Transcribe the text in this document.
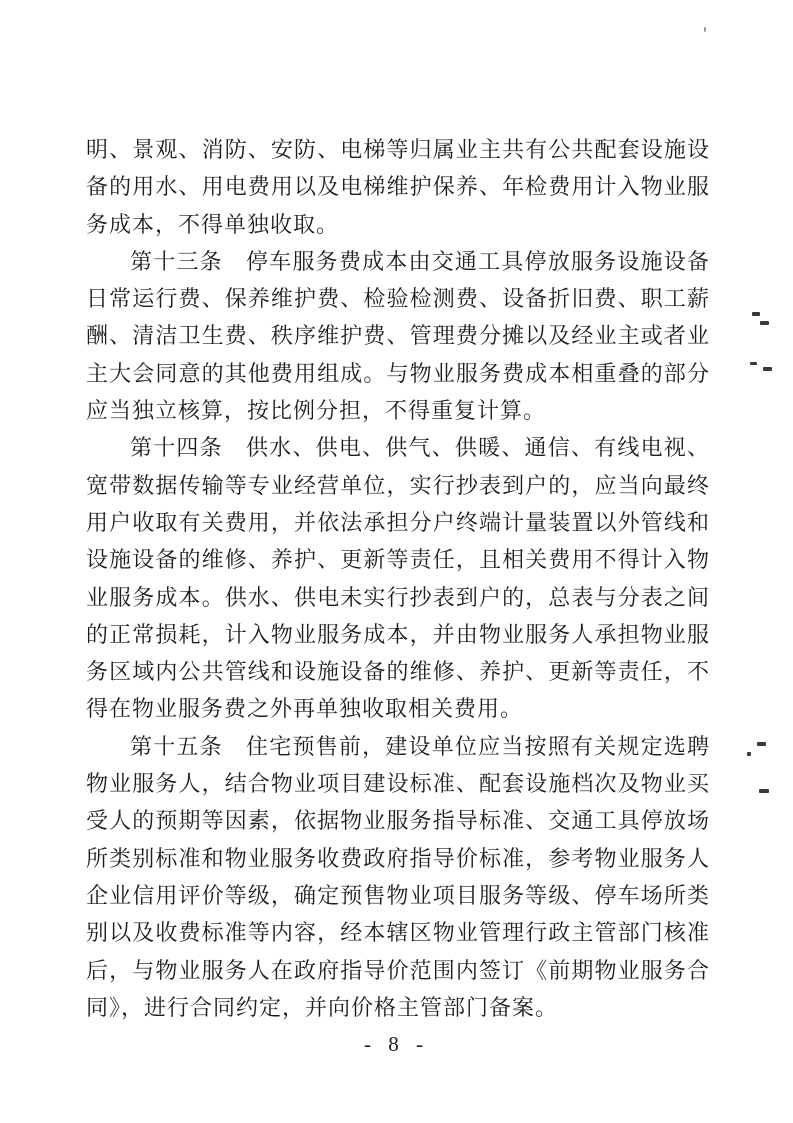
明、景观、消防、安防、电梯等归属业主共有公共配套设施设备的用水、用电费用以及电梯维护保养、年检费用计入物业服务成本，不得单独收取。

第十三条　停车服务费成本由交通工具停放服务设施设备日常运行费、保养维护费、检验检测费、设备折旧费、职工薪酬、清洁卫生费、秩序维护费、管理费分摊以及经业主或者业主大会同意的其他费用组成。与物业服务费成本相重叠的部分应当独立核算，按比例分担，不得重复计算。

第十四条　供水、供电、供气、供暖、通信、有线电视、宽带数据传输等专业经营单位，实行抄表到户的，应当向最终用户收取有关费用，并依法承担分户终端计量装置以外管线和设施设备的维修、养护、更新等责任，且相关费用不得计入物业服务成本。供水、供电未实行抄表到户的，总表与分表之间的正常损耗，计入物业服务成本，并由物业服务人承担物业服务区域内公共管线和设施设备的维修、养护、更新等责任，不得在物业服务费之外再单独收取相关费用。

第十五条　住宅预售前，建设单位应当按照有关规定选聘物业服务人，结合物业项目建设标准、配套设施档次及物业买受人的预期等因素，依据物业服务指导标准、交通工具停放场所类别标准和物业服务收费政府指导价标准，参考物业服务人企业信用评价等级，确定预售物业项目服务等级、停车场所类别以及收费标准等内容，经本辖区物业管理行政主管部门核准后，与物业服务人在政府指导价范围内签订《前期物业服务合同》，进行合同约定，并向价格主管部门备案。

- 8 -
